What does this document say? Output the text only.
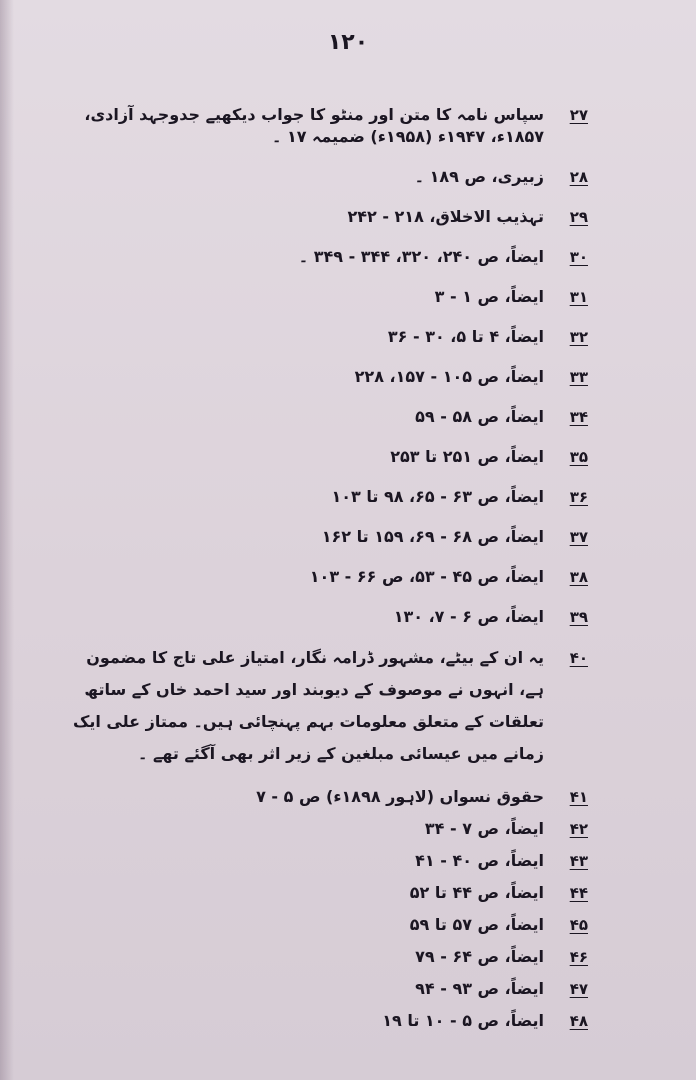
۱۲۰
۲۷
سپاس نامہ کا متن اور منٹو کا جواب دیکھیے جدوجہد آزادی، ۱۸۵۷ء، ۱۹۴۷ء (۱۹۵۸ء) ضمیمہ ۱۷ ۔
۲۸
زبیری، ص ۱۸۹ ۔
۲۹
تہذیب الاخلاق، ۲۱۸ - ۲۴۲
۳۰
ایضاً، ص ۲۴۰، ۳۲۰، ۳۴۴ - ۳۴۹ ۔
۳۱
ایضاً، ص ۱ - ۳
۳۲
ایضاً، ۴ تا ۵، ۳۰ - ۳۶
۳۳
ایضاً، ص ۱۰۵ - ۱۵۷، ۲۲۸
۳۴
ایضاً، ص ۵۸ - ۵۹
۳۵
ایضاً، ص ۲۵۱ تا ۲۵۳
۳۶
ایضاً، ص ۶۳ - ۶۵، ۹۸ تا ۱۰۳
۳۷
ایضاً، ص ۶۸ - ۶۹، ۱۵۹ تا ۱۶۲
۳۸
ایضاً، ص ۴۵ - ۵۳، ص ۶۶ - ۱۰۳
۳۹
ایضاً، ص ۶ - ۷، ۱۳۰
۴۰
یہ ان کے بیٹے، مشہور ڈرامہ نگار، امتیاز علی تاج کا مضمون ہے، انہوں نے موصوف کے دیوبند اور سید احمد خاں کے ساتھ تعلقات کے متعلق معلومات بہم پہنچائی ہیں۔ ممتاز علی ایک زمانے میں عیسائی مبلغین کے زیر اثر بھی آگئے تھے ۔
۴۱
حقوق نسواں (لاہور ۱۸۹۸ء) ص ۵ - ۷
۴۲
ایضاً، ص ۷ - ۳۴
۴۳
ایضاً، ص ۴۰ - ۴۱
۴۴
ایضاً، ص ۴۴ تا ۵۲
۴۵
ایضاً، ص ۵۷ تا ۵۹
۴۶
ایضاً، ص ۶۴ - ۷۹
۴۷
ایضاً، ص ۹۳ - ۹۴
۴۸
ایضاً، ص ۵ - ۱۰ تا ۱۹
